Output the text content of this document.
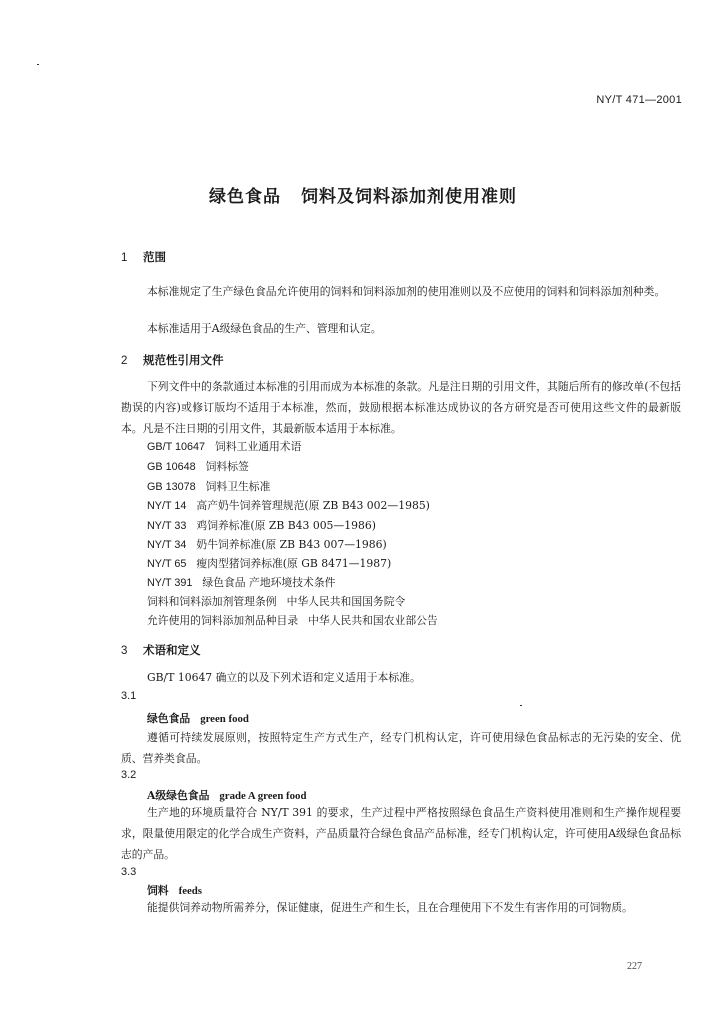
NY/T 471—2001
绿色食品 饲料及饲料添加剂使用准则
1 范围
本标准规定了生产绿色食品允许使用的饲料和饲料添加剂的使用准则以及不应使用的饲料和饲料添加剂种类。
本标准适用于A级绿色食品的生产、管理和认定。
2 规范性引用文件
下列文件中的条款通过本标准的引用而成为本标准的条款。凡是注日期的引用文件，其随后所有的修改单(不包括勘误的内容)或修订版均不适用于本标准，然而，鼓励根据本标准达成协议的各方研究是否可使用这些文件的最新版本。凡是不注日期的引用文件，其最新版本适用于本标准。
GB/T 10647 饲料工业通用术语
GB 10648 饲料标签
GB 13078 饲料卫生标准
NY/T 14 高产奶牛饲养管理规范(原 ZB B43 002—1985)
NY/T 33 鸡饲养标准(原 ZB B43 005—1986)
NY/T 34 奶牛饲养标准(原 ZB B43 007—1986)
NY/T 65 瘦肉型猪饲养标准(原 GB 8471—1987)
NY/T 391 绿色食品 产地环境技术条件
饲料和饲料添加剂管理条例 中华人民共和国国务院令
允许使用的饲料添加剂品种目录 中华人民共和国农业部公告
3 术语和定义
GB/T 10647 确立的以及下列术语和定义适用于本标准。
3.1
绿色食品 green food
遵循可持续发展原则，按照特定生产方式生产，经专门机构认定，许可使用绿色食品标志的无污染的安全、优质、营养类食品。
3.2
A级绿色食品 grade A green food
生产地的环境质量符合 NY/T 391 的要求，生产过程中严格按照绿色食品生产资料使用准则和生产操作规程要求，限量使用限定的化学合成生产资料，产品质量符合绿色食品产品标准，经专门机构认定，许可使用A级绿色食品标志的产品。
3.3
饲料 feeds
能提供饲养动物所需养分，保证健康，促进生产和生长，且在合理使用下不发生有害作用的可饲物质。
227
